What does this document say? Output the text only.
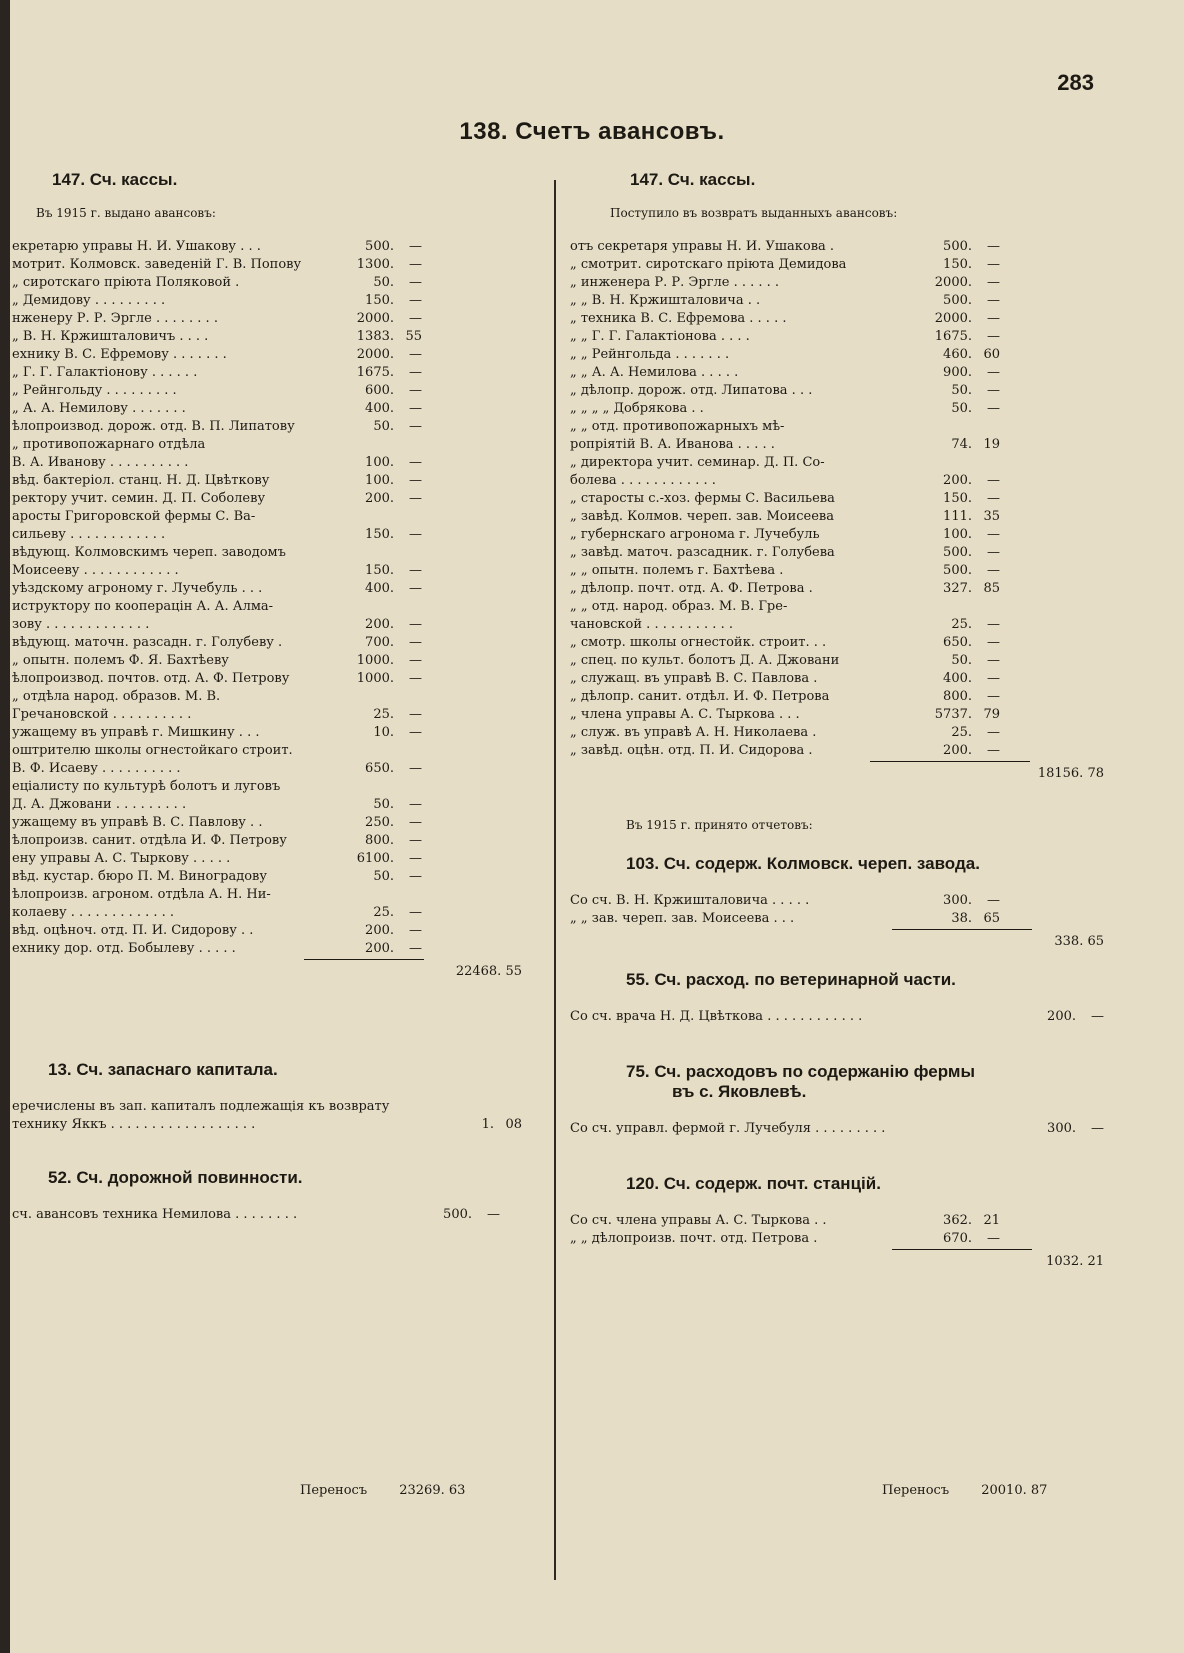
283
138. Счетъ авансовъ.
147. Сч. кассы.
Въ 1915 г. выдано авансовъ:
екретарю управы Н. И. Ушакову . . .	500.	—
мотрит. Колмовск. заведеній Г. В. Попову	1300.	—
„ сиротскаго пріюта Поляковой .	50.	—
„ Демидову . . . . . . . . .	150.	—
нженеру Р. Р. Эргле . . . . . . . .	2000.	—
„ В. Н. Кржишталовичъ . . . .	1383. 55
ехнику В. С. Ефремову . . . . . . .	2000.	—
„ Г. Г. Галактіонову . . . . . .	1675.	—
„ Рейнгольду . . . . . . . . .	600.	—
„ А. А. Немилову . . . . . . .	400.	—
ѣлопроизвод. дорож. отд. В. П. Липатову	50.	—
„ противопожарнаго отдѣла
В. А. Иванову . . . . . . . . . .	100.	—
вѣд. бактеріол. станц. Н. Д. Цвѣткову	100.	—
ректору учит. семин. Д. П. Соболеву	200.	—
аросты Григоровской фермы С. Ва-
сильеву . . . . . . . . . . . .	150.	—
вѣдующ. Колмовскимъ череп. заводомъ
Моисееву . . . . . . . . . . . .	150.	—
уѣздскому агроному г. Лучебуль . . .	400.	—
иструктору по кооперацін А. А. Алма-
зову . . . . . . . . . . . . .	200.	—
вѣдующ. маточн. разсадн. г. Голубеву .	700.	—
„ опытн. полемъ Ф. Я. Бахтѣеву	1000.	—
ѣлопроизвод. почтов. отд. А. Ф. Петрову	1000.	—
„ отдѣла народ. образов. М. В.
Гречановской . . . . . . . . . .	25.	—
ужащему въ управѣ г. Мишкину . . .	10.	—
оштрителю школы огнестойкаго строит.
В. Ф. Исаеву . . . . . . . . . .	650.	—
еціалисту по культурѣ болотъ и луговъ
Д. А. Джовани . . . . . . . . .	50.	—
ужащему въ управѣ В. С. Павлову . .	250.	—
ѣлопроизв. санит. отдѣла И. Ф. Петрову	800.	—
ену управы А. С. Тыркову . . . . .	6100.	—
вѣд. кустар. бюро П. М. Виноградову	50.	—
ѣлопроизв. агроном. отдѣла А. Н. Ни-
колаеву . . . . . . . . . . . . .	25.	—
вѣд. оцѣноч. отд. П. И. Сидорову . .	200.	—
ехнику дор. отд. Бобылеву . . . . .	200.	—
22468. 55
13. Сч. запаснаго капитала.
еречислены въ зап. капиталъ подлежащія къ возврату
технику Яккъ . . . . . . . . . . . . . . . . . .	1. 08
52. Сч. дорожной повинности.
сч. авансовъ техника Немилова . . . . . . . .	500.	—
Переносъ 23269. 63
147. Сч. кассы.
Поступило въ возвратъ выданныхъ авансовъ:
отъ секретаря управы Н. И. Ушакова .	500.	—
„ смотрит. сиротскаго пріюта Демидова	150.	—
„ инженера Р. Р. Эргле . . . . . .	2000.	—
„ „ В. Н. Кржишталовича . .	500.	—
„ техника В. С. Ефремова . . . . .	2000.	—
„ „ Г. Г. Галактіонова . . . .	1675.	—
„ „ Рейнгольда . . . . . . .	460. 60
„ „ А. А. Немилова . . . . .	900.	—
„ дѣлопр. дорож. отд. Липатова . . .	50.	—
„ „ „ „ Добрякова . .	50.	—
„ „ отд. противопожарныхъ мѣ-
ропріятій В. А. Иванова . . . . .	74. 19
„ директора учит. семинар. Д. П. Со-
болева . . . . . . . . . . . .	200.	—
„ старосты с.-хоз. фермы С. Васильева	150.	—
„ завѣд. Колмов. череп. зав. Моисеева	111. 35
„ губернскаго агронома г. Лучебуль	100.	—
„ завѣд. маточ. разсадник. г. Голубева	500.	—
„ „ опытн. полемъ г. Бахтѣева .	500.	—
„ дѣлопр. почт. отд. А. Ф. Петрова .	327. 85
„ „ отд. народ. образ. М. В. Гре-
чановской . . . . . . . . . . .	25.	—
„ смотр. школы огнестойк. строит. . .	650.	—
„ спец. по культ. болотъ Д. А. Джовани	50.	—
„ служащ. въ управѣ В. С. Павлова .	400.	—
„ дѣлопр. санит. отдѣл. И. Ф. Петрова	800.	—
„ члена управы А. С. Тыркова . . .	5737. 79
„ служ. въ управѣ А. Н. Николаева .	25.	—
„ завѣд. оцѣн. отд. П. И. Сидорова .	200.	—
18156. 78
Въ 1915 г. принято отчетовъ:
103. Сч. содерж. Колмовск. череп. завода.
Со сч. В. Н. Кржишталовича . . . . .	300.	—
„ „ зав. череп. зав. Моисеева . . .	38. 65
338. 65
55. Сч. расход. по ветеринарной части.
Со сч. врача Н. Д. Цвѣткова . . . . . . . . . . . .	200.	—
75. Сч. расходовъ по содержанію фермы
въ с. Яковлевѣ.
Со сч. управл. фермой г. Лучебуля . . . . . . . . .	300.	—
120. Сч. содерж. почт. станцій.
Со сч. члена управы А. С. Тыркова . .	362. 21
„ „ дѣлопроизв. почт. отд. Петрова .	670.	—
1032. 21
Переносъ 20010. 87
